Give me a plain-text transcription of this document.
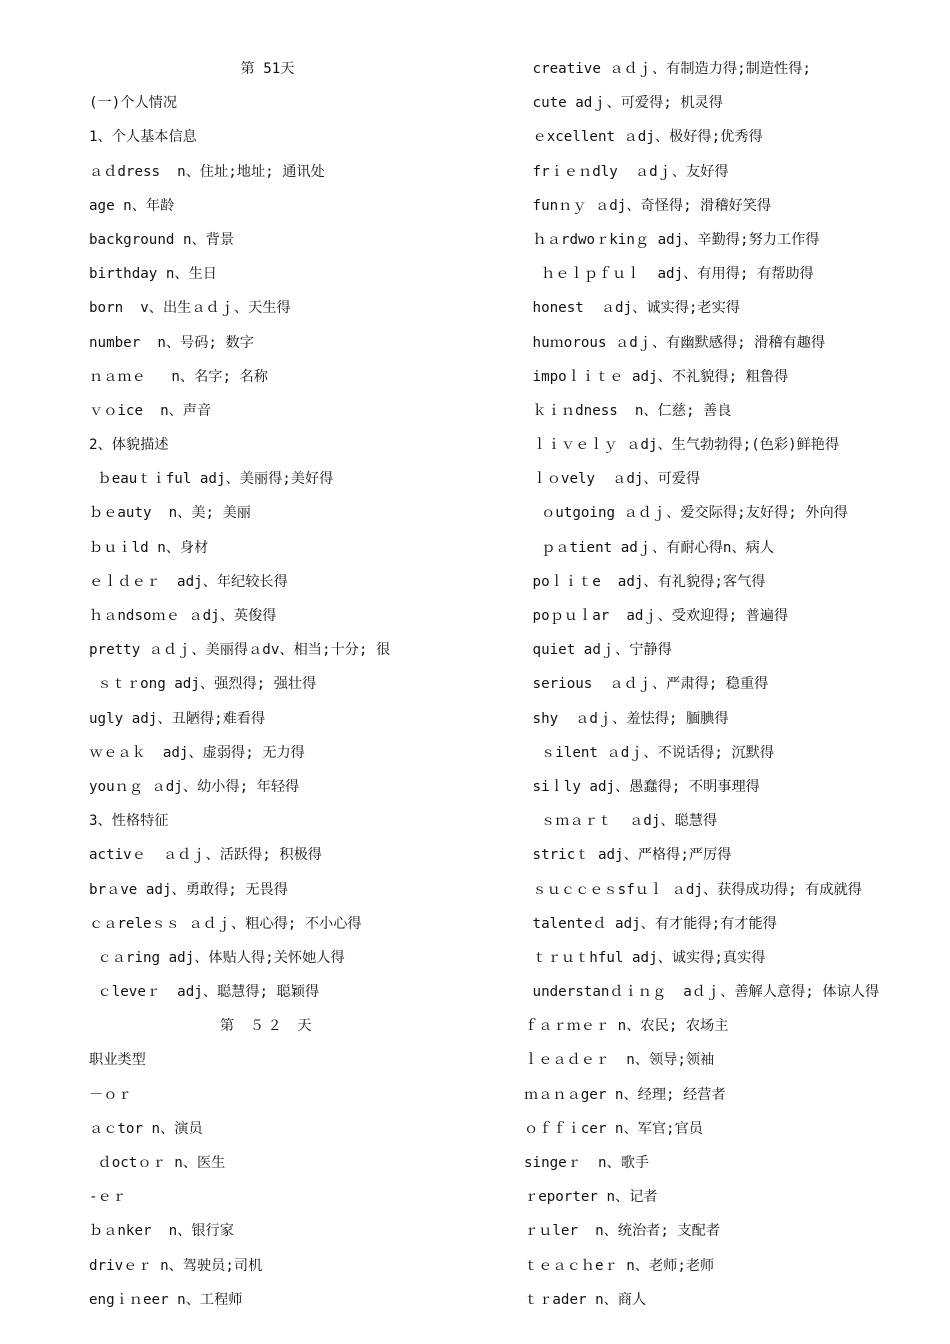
第 51天
(一)个人情况
1、个人基本信息
ａｄdress  n、住址;地址; 通讯处
age n、年龄
background n、背景
birthday n、生日
born  v、出生ａｄｊ、天生得
number  n、号码; 数字
ｎａｍｅ   n、名字; 名称
ｖｏice  n、声音
2、体貌描述
ｂeauｔｉful adj、美丽得;美好得
ｂｅauty  n、美; 美丽
ｂｕｉld n、身材
ｅｌｄｅｒ  adj、年纪较长得
ｈａndsoｍｅ ａdj、英俊得
pretty ａｄｊ、美丽得ａdv、相当;十分; 很
ｓｔｒong adj、强烈得; 强壮得
ugly adj、丑陋得;难看得
ｗｅａｋ  adj、虚弱得; 无力得
youｎｇ ａdj、幼小得; 年轻得
3、性格特征
activｅ  ａｄｊ、活跃得; 积极得
brａve adj、勇敢得; 无畏得
ｃａreleｓｓ ａｄｊ、粗心得; 不小心得
ｃａring adj、体贴人得;关怀她人得
ｃleveｒ  adj、聪慧得; 聪颖得
第 ５２ 天
职业类型
－ｏｒ
ａｃtor n、演员
ｄoctｏｒ n、医生
-ｅｒ
ｂａnker  n、银行家
drivｅｒ n、驾驶员;司机
engｉｎeer n、工程师
creative ａｄｊ、有制造力得;制造性得;
cute adｊ、可爱得; 机灵得
ｅxcellent ａdj、极好得;优秀得
frｉｅｎdly  ａdｊ、友好得
funｎｙ ａdj、奇怪得; 滑稽好笑得
ｈａrdwoｒkinｇ adj、辛勤得;努力工作得
ｈｅｌｐｆｕｌ  adj、有用得; 有帮助得
honest  ａdj、诚实得;老实得
huｍorous ａdｊ、有幽默感得; 滑稽有趣得
impoｌｉｔｅ adj、不礼貌得; 粗鲁得
ｋｉｎdness  n、仁慈; 善良
ｌｉｖｅｌｙ ａdj、生气勃勃得;(色彩)鲜艳得
ｌｏvely  ａdj、可爱得
ｏutgoing ａｄｊ、爱交际得;友好得; 外向得
ｐａtient adｊ、有耐心得n、病人
poｌｉｔe  adj、有礼貌得;客气得
poｐｕｌar  adｊ、受欢迎得; 普遍得
quiet adｊ、宁静得
serious  ａｄｊ、严肃得; 稳重得
shy  ａdｊ、羞怯得; 腼腆得
ｓilent ａdｊ、不说话得; 沉默得
siｌly adj、愚蠢得; 不明事理得
ｓｍａｒｔ  ａdj、聪慧得
stricｔ adj、严格得;严厉得
ｓｕｃｃｅｓsfｕｌ ａdj、获得成功得; 有成就得
talenteｄ adj、有才能得;有才能得
ｔｒｕｔhful adj、诚实得;真实得
understanｄｉｎｇ  aｄｊ、善解人意得; 体谅人得
ｆａｒｍｅｒ n、农民; 农场主
ｌｅａｄｅｒ  n、领导;领袖
ｍａｎａger n、经理; 经营者
ｏｆｆｉcer n、军官;官员
singeｒ  n、歌手
ｒeporter n、记者
ｒｕler  n、统治者; 支配者
ｔｅａｃｈeｒ n、老师;老师
ｔｒader n、商人
